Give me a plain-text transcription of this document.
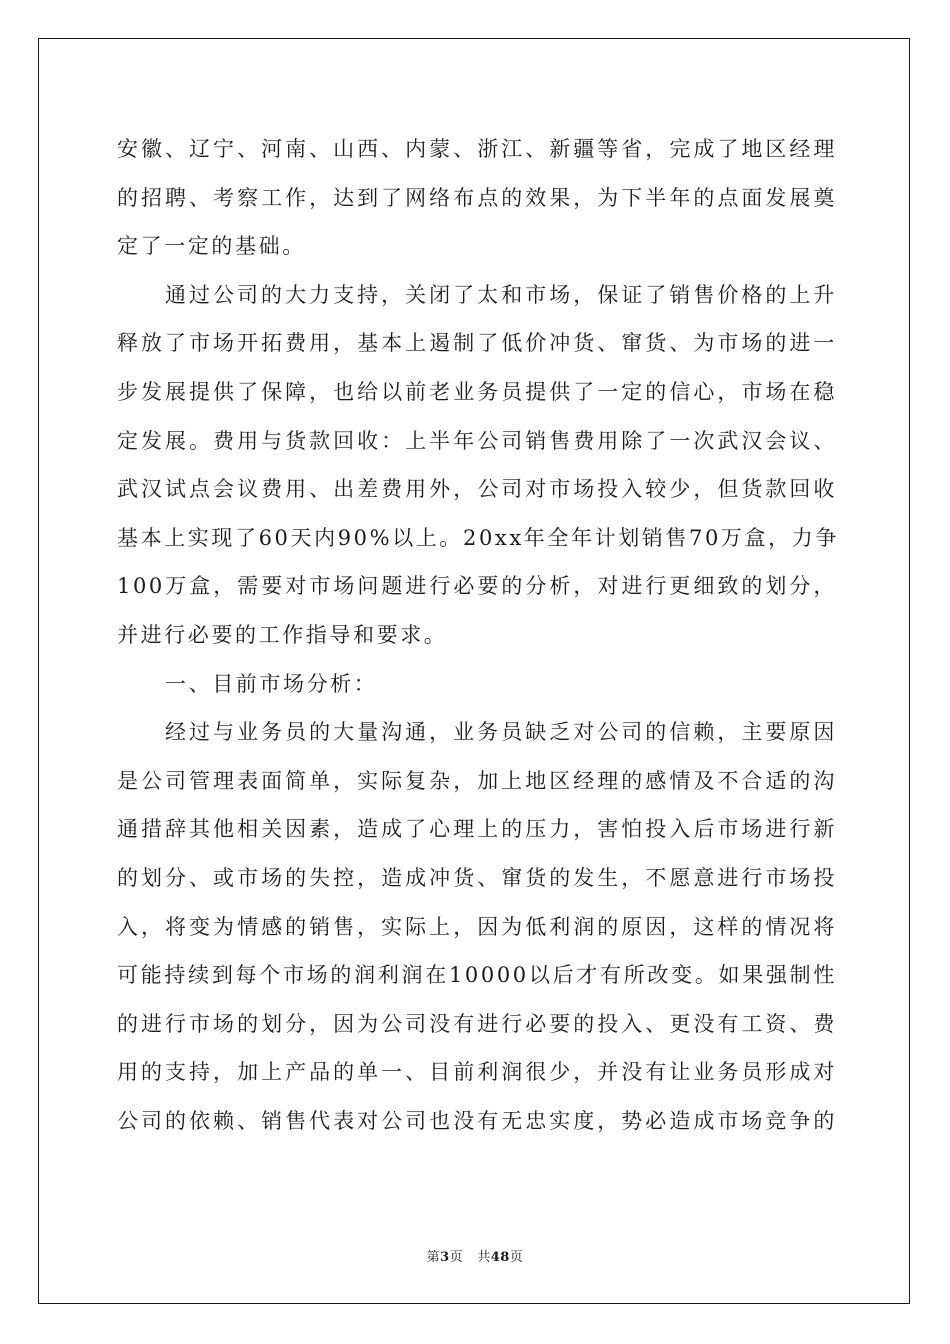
安徽、辽宁、河南、山西、内蒙、浙江、新疆等省，完成了地区经理
的招聘、考察工作，达到了网络布点的效果，为下半年的点面发展奠
定了一定的基础。
通过公司的大力支持，关闭了太和市场，保证了销售价格的上升
释放了市场开拓费用，基本上遏制了低价冲货、窜货、为市场的进一
步发展提供了保障，也给以前老业务员提供了一定的信心，市场在稳
定发展。费用与货款回收：上半年公司销售费用除了一次武汉会议、
武汉试点会议费用、出差费用外，公司对市场投入较少，但货款回收
基本上实现了60天内90%以上。20xx年全年计划销售70万盒，力争
100万盒，需要对市场问题进行必要的分析，对进行更细致的划分，
并进行必要的工作指导和要求。
一、目前市场分析：
经过与业务员的大量沟通，业务员缺乏对公司的信赖，主要原因
是公司管理表面简单，实际复杂，加上地区经理的感情及不合适的沟
通措辞其他相关因素，造成了心理上的压力，害怕投入后市场进行新
的划分、或市场的失控，造成冲货、窜货的发生，不愿意进行市场投
入，将变为情感的销售，实际上，因为低利润的原因，这样的情况将
可能持续到每个市场的润利润在10000以后才有所改变。如果强制性
的进行市场的划分，因为公司没有进行必要的投入、更没有工资、费
用的支持，加上产品的单一、目前利润很少，并没有让业务员形成对
公司的依赖、销售代表对公司也没有无忠实度，势必造成市场竞争的
第3页 共48页
